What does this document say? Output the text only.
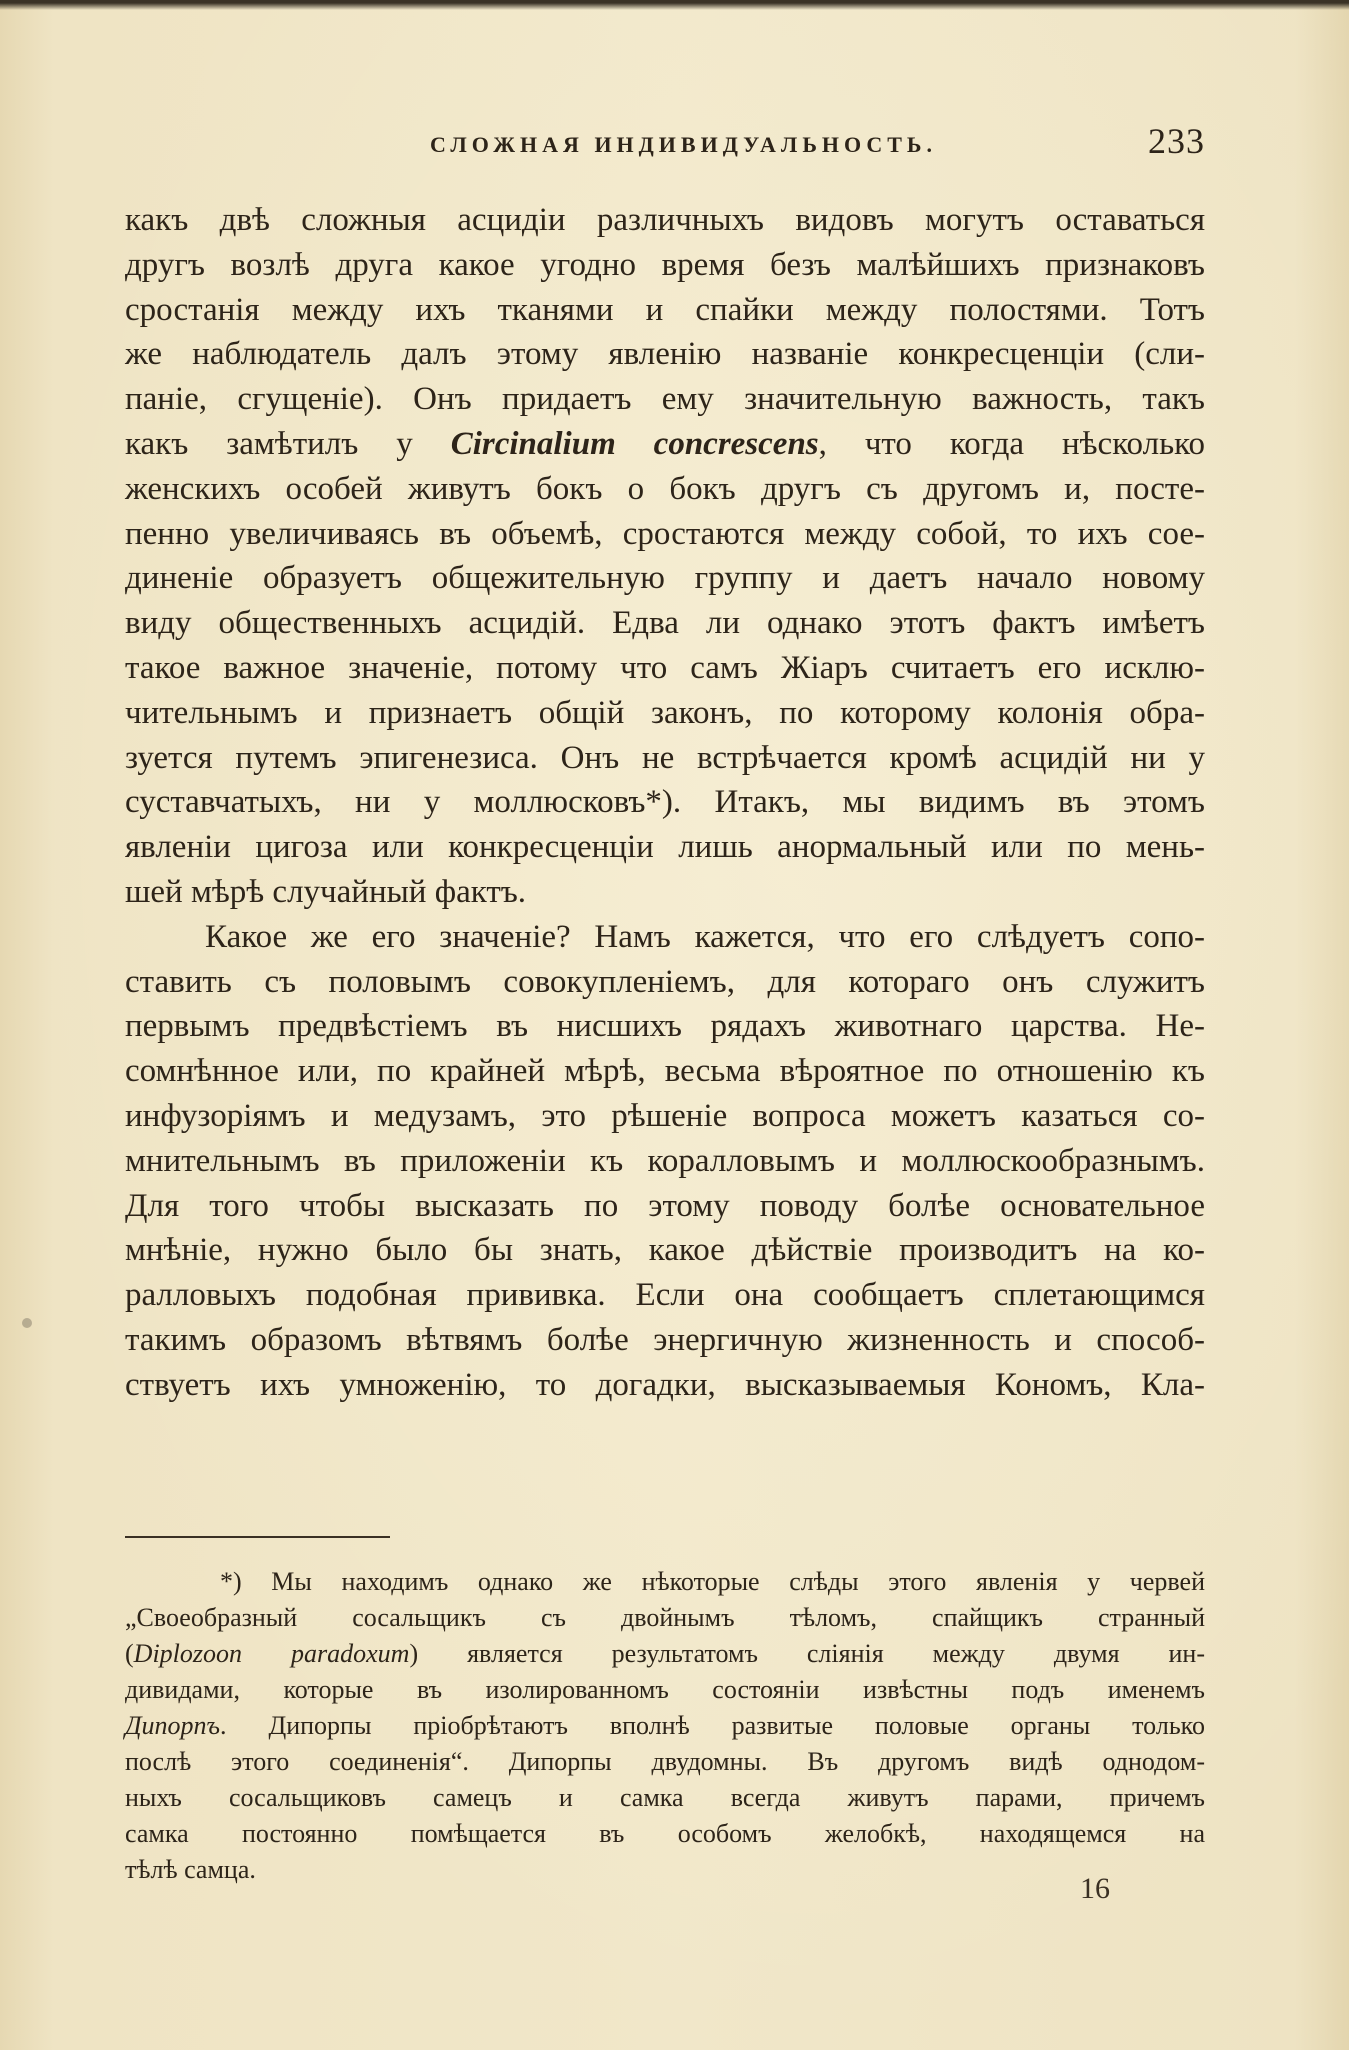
СЛОЖНАЯ ИНДИВИДУАЛЬНОСТЬ.	233
какъ двѣ сложныя асцидіи различныхъ видовъ могутъ оставаться
другъ возлѣ друга какое угодно время безъ малѣйшихъ признаковъ
сростанія между ихъ тканями и спайки между полостями. Тотъ
же наблюдатель далъ этому явленію названіе конкресценціи (сли-
паніе, сгущеніе). Онъ придаетъ ему значительную важность, такъ
какъ замѣтилъ у Circinalium concrescens, что когда нѣсколько
женскихъ особей живутъ бокъ о бокъ другъ съ другомъ и, посте-
пенно увеличиваясь въ объемѣ, сростаются между собой, то ихъ сое-
диненіе образуетъ общежительную группу и даетъ начало новому
виду общественныхъ асцидій. Едва ли однако этотъ фактъ имѣетъ
такое важное значеніе, потому что самъ Жіаръ считаетъ его исклю-
чительнымъ и признаетъ общій законъ, по которому колонія обра-
зуется путемъ эпигенезиса. Онъ не встрѣчается кромѣ асцидій ни у
суставчатыхъ, ни у моллюсковъ*). Итакъ, мы видимъ въ этомъ
явленіи цигоза или конкресценціи лишь анормальный или по мень-
шей мѣрѣ случайный фактъ.
Какое же его значеніе? Намъ кажется, что его слѣдуетъ сопо-
ставить съ половымъ совокупленіемъ, для котораго онъ служитъ
первымъ предвѣстіемъ въ нисшихъ рядахъ животнаго царства. Не-
сомнѣнное или, по крайней мѣрѣ, весьма вѣроятное по отношенію къ
инфузоріямъ и медузамъ, это рѣшеніе вопроса можетъ казаться со-
мнительнымъ въ приложеніи къ коралловымъ и моллюскообразнымъ.
Для того чтобы высказать по этому поводу болѣе основательное
мнѣніе, нужно было бы знать, какое дѣйствіе производитъ на ко-
ралловыхъ подобная прививка. Если она сообщаетъ сплетающимся
такимъ образомъ вѣтвямъ болѣе энергичную жизненность и способ-
ствуетъ ихъ умноженію, то догадки, высказываемыя Кономъ, Кла-
*) Мы находимъ однако же нѣкоторые слѣды этого явленія у червей
„Своеобразный сосальщикъ съ двойнымъ тѣломъ, спайщикъ странный
(Diplozoon paradoxum) является результатомъ сліянія между двумя ин-
дивидами, которые въ изолированномъ состояніи извѣстны подъ именемъ
Дипорпъ. Дипорпы пріобрѣтаютъ вполнѣ развитые половые органы только
послѣ этого соединенія“. Дипорпы двудомны. Въ другомъ видѣ однодом-
ныхъ сосальщиковъ самецъ и самка всегда живутъ парами, причемъ
самка постоянно помѣщается въ особомъ желобкѣ, находящемся на
тѣлѣ самца.
16
